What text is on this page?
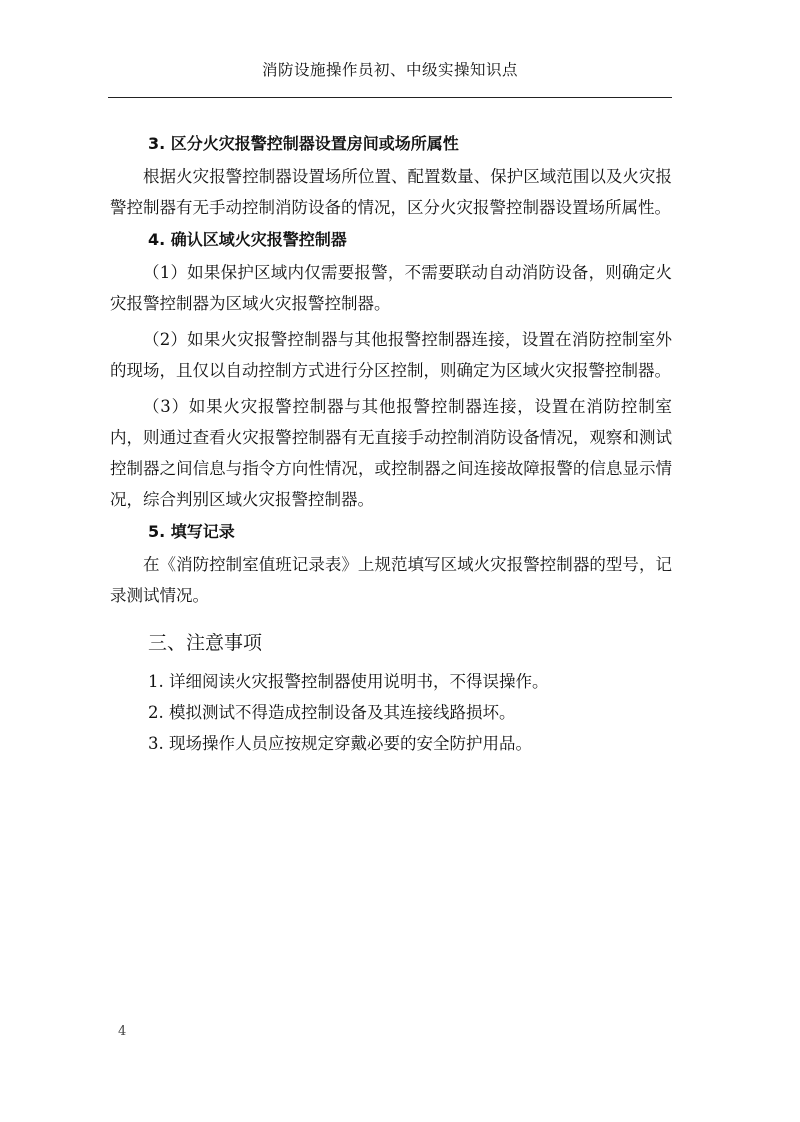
消防设施操作员初、中级实操知识点
3. 区分火灾报警控制器设置房间或场所属性

根据火灾报警控制器设置场所位置、配置数量、保护区域范围以及火灾报警控制器有无手动控制消防设备的情况，区分火灾报警控制器设置场所属性。

4. 确认区域火灾报警控制器

（1）如果保护区域内仅需要报警，不需要联动自动消防设备，则确定火灾报警控制器为区域火灾报警控制器。

（2）如果火灾报警控制器与其他报警控制器连接，设置在消防控制室外的现场，且仅以自动控制方式进行分区控制，则确定为区域火灾报警控制器。

（3）如果火灾报警控制器与其他报警控制器连接，设置在消防控制室内，则通过查看火灾报警控制器有无直接手动控制消防设备情况，观察和测试控制器之间信息与指令方向性情况，或控制器之间连接故障报警的信息显示情况，综合判别区域火灾报警控制器。

5. 填写记录

在《消防控制室值班记录表》上规范填写区域火灾报警控制器的型号，记录测试情况。

三、注意事项
1. 详细阅读火灾报警控制器使用说明书，不得误操作。
2. 模拟测试不得造成控制设备及其连接线路损坏。
3. 现场操作人员应按规定穿戴必要的安全防护用品。
4
